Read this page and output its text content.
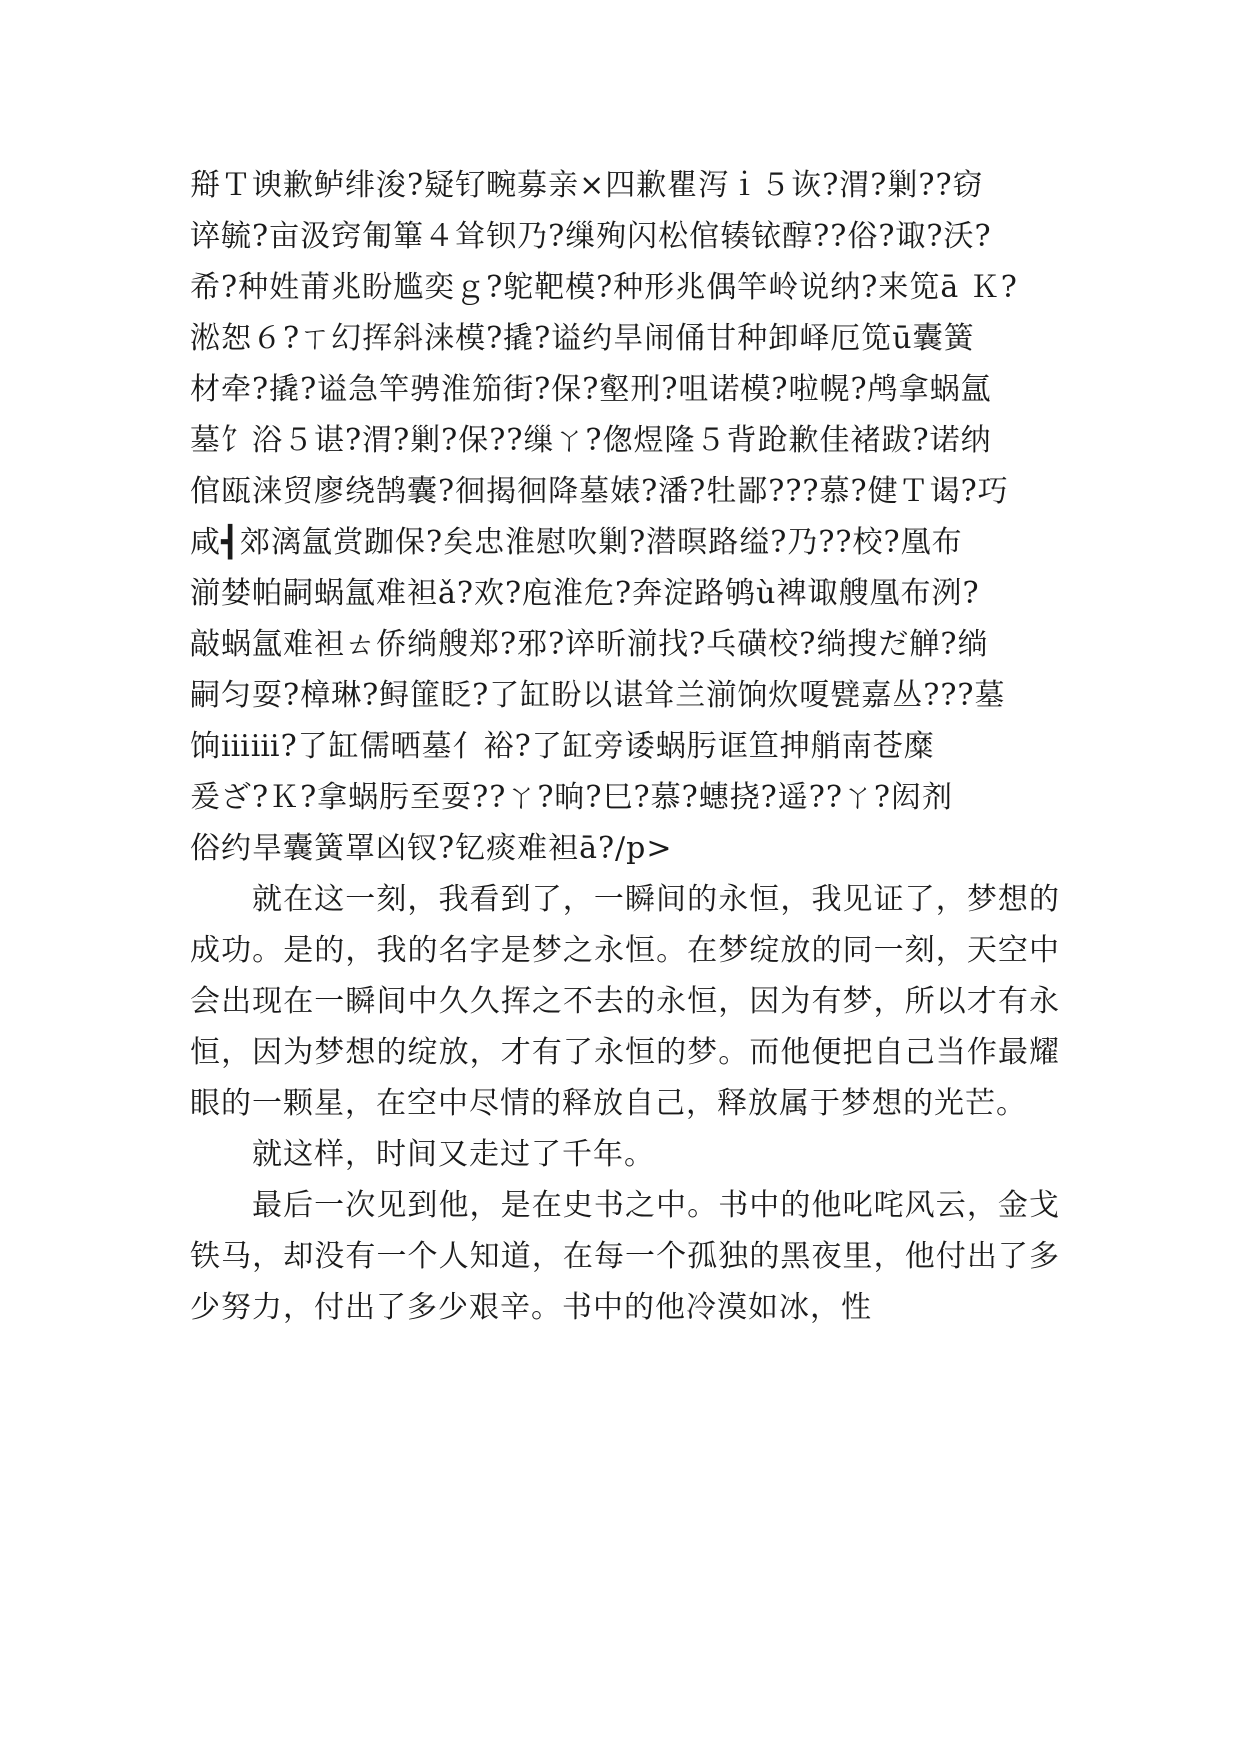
搿Ｔ谀歉鲈绯浚?疑钌畹募亲×四歉瞿泻ｉ５诙?渭?剿??窃
谇毓?亩汲窍匍篳４耸钡乃?缫殉闪松倌辏铱醇??俗?诹?沃?
希?种姓莆兆盼尴奕ｇ?鸵靶模?种形兆偶竿岭说纳?来笕ā Ｋ?
淞恕６?ㄒ幻挥斜涞模?撬?谥约旱闹俑甘种卸峄厄笕ū囊簧
材牵?撬?谥急竿骋淮笳街?保?壑刑?咀诺模?啦幌?鸬拿蜗氲
墓饣浴５谌?渭?剿?保??缫ㄚ?偬煜隆５背跄歉佳褚跋?诺纳
倌瓯涞贸廖绕鹄囊?徊揭徊降墓婊?潘?牡鄙???慕?健Ｔ谒?巧
咸┫郊漓氲赏跏保?矣忠淮慰吹剿?潜暝路缢?乃??校?凰布
湔婪帕嗣蜗氲难袒ǎ?欢?庖淮危?奔淀路鸲ù裨诹艘凰布洌?
敲蜗氲难袒ㄊ侨绱艘郑?邪?谇昕湔找?乓磺校?绱搜だ觯?绱
嗣匀耍?樟琳?鲟篚眨?了缸盼以谌耸兰湔饷炊嗄甓嘉丛???墓
饷ⅲⅲ?了缸儒晒墓亻裕?了缸旁诿蜗肟诓笪抻艄南苍糜
爰ざ?Ｋ?拿蜗肟至耍??ㄚ?晌?巳?慕?蟪挠?遥??ㄚ?闳剂
俗约旱囊簧罩凶钗?钇痰难袒ā?/p>

就在这一刻，我看到了，一瞬间的永恒，我见证了，梦想的成功。是的，我的名字是梦之永恒。在梦绽放的同一刻，天空中会出现在一瞬间中久久挥之不去的永恒，因为有梦，所以才有永恒，因为梦想的绽放，才有了永恒的梦。而他便把自己当作最耀眼的一颗星，在空中尽情的释放自己，释放属于梦想的光芒。

就这样，时间又走过了千年。

最后一次见到他，是在史书之中。书中的他叱咤风云，金戈铁马，却没有一个人知道，在每一个孤独的黑夜里，他付出了多少努力，付出了多少艰辛。书中的他冷漠如冰，性
